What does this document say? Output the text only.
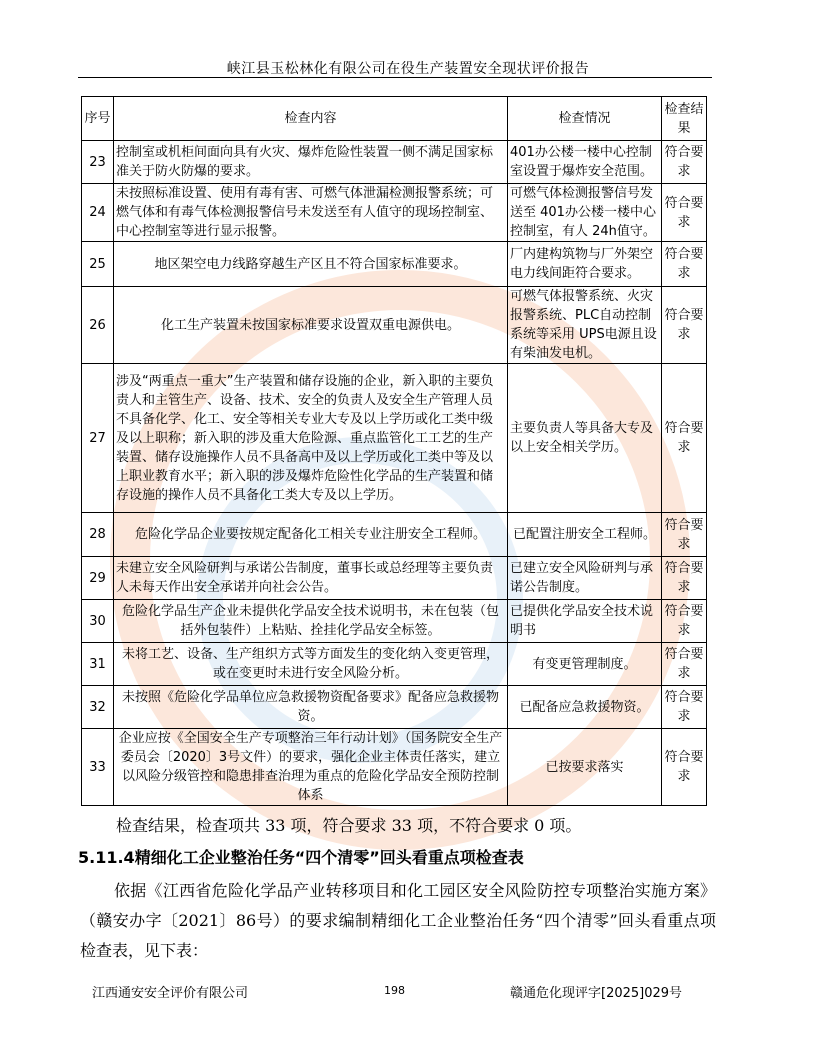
峡江县玉松林化有限公司在役生产装置安全现状评价报告
序号	检查内容	检查情况	检查结果
23	控制室或机柜间面向具有火灾、爆炸危险性装置一侧不满足国家标准关于防火防爆的要求。	401办公楼一楼中心控制室设置于爆炸安全范围。	符合要求
24	未按照标准设置、使用有毒有害、可燃气体泄漏检测报警系统；可燃气体和有毒气体检测报警信号未发送至有人值守的现场控制室、中心控制室等进行显示报警。	可燃气体检测报警信号发送至 401办公楼一楼中心控制室，有人 24h值守。	符合要求
25	地区架空电力线路穿越生产区且不符合国家标准要求。	厂内建构筑物与厂外架空电力线间距符合要求。	符合要求
26	化工生产装置未按国家标准要求设置双重电源供电。	可燃气体报警系统、火灾报警系统、PLC自动控制系统等采用 UPS电源且设有柴油发电机。	符合要求
27	涉及“两重点一重大”生产装置和储存设施的企业，新入职的主要负责人和主管生产、设备、技术、安全的负责人及安全生产管理人员不具备化学、化工、安全等相关专业大专及以上学历或化工类中级及以上职称；新入职的涉及重大危险源、重点监管化工工艺的生产装置、储存设施操作人员不具备高中及以上学历或化工类中等及以上职业教育水平；新入职的涉及爆炸危险性化学品的生产装置和储存设施的操作人员不具备化工类大专及以上学历。	主要负责人等具备大专及以上安全相关学历。	符合要求
28	危险化学品企业要按规定配备化工相关专业注册安全工程师。	已配置注册安全工程师。	符合要求
29	未建立安全风险研判与承诺公告制度，董事长或总经理等主要负责人未每天作出安全承诺并向社会公告。	已建立安全风险研判与承诺公告制度。	符合要求
30	危险化学品生产企业未提供化学品安全技术说明书，未在包装（包括外包装件）上粘贴、拴挂化学品安全标签。	已提供化学品安全技术说明书	符合要求
31	未将工艺、设备、生产组织方式等方面发生的变化纳入变更管理，或在变更时未进行安全风险分析。	有变更管理制度。	符合要求
32	未按照《危险化学品单位应急救援物资配备要求》配备应急救援物资。	已配备应急救援物资。	符合要求
33	企业应按《全国安全生产专项整治三年行动计划》（国务院安全生产委员会〔2020〕3号文件）的要求，强化企业主体责任落实，建立以风险分级管控和隐患排查治理为重点的危险化学品安全预防控制体系	已按要求落实	符合要求
检查结果，检查项共 33 项，符合要求 33 项，不符合要求 0 项。
5.11.4精细化工企业整治任务“四个清零”回头看重点项检查表
依据《江西省危险化学品产业转移项目和化工园区安全风险防控专项整治实施方案》（赣安办字〔2021〕86号）的要求编制精细化工企业整治任务“四个清零”回头看重点项检查表，见下表：
江西通安安全评价有限公司	198	赣通危化现评字[2025]029号
